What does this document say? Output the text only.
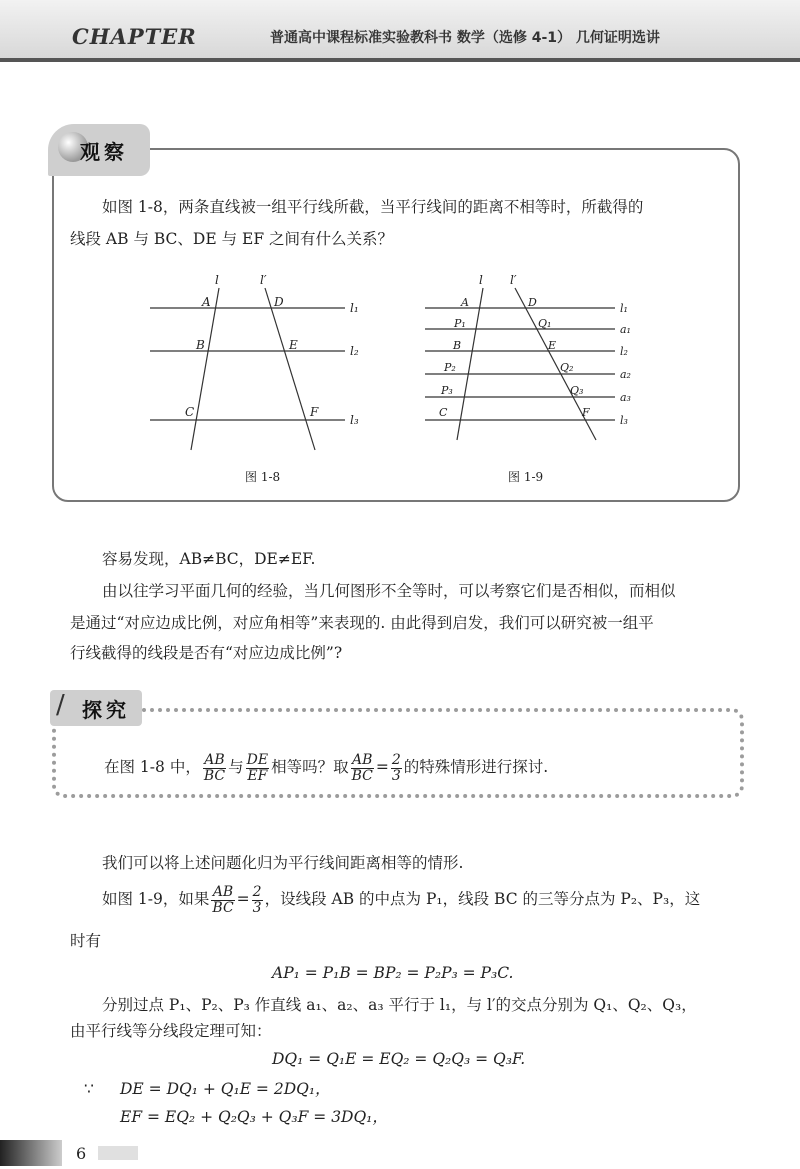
CHAPTER	普通高中课程标准实验教科书 数学（选修 4-1） 几何证明选讲
观察
如图 1-8，两条直线被一组平行线所截，当平行线间的距离不相等时，所截得的
线段 AB 与 BC、DE 与 EF 之间有什么关系？
l	l′
A	D
B	E
C	F
l₁
l₂
l₃
l l′
A
P₁
B
P₂
P₃
C
D
Q₁
E
Q₂
Q₃
F
l₁
a₁
l₂
a₂
a₃
l₃
图 1-8	图 1-9
容易发现，AB≠BC，DE≠EF.
由以往学习平面几何的经验，当几何图形不全等时，可以考察它们是否相似，而相似
是通过“对应边成比例，对应角相等”来表现的. 由此得到启发，我们可以研究被一组平
行线截得的线段是否有“对应边成比例”?
∕ 探究
在图 1-8 中， $\frac{AB}{BC}$ 与 $\frac{DE}{EF}$ 相等吗？取 $\frac{AB}{BC} = \frac{2}{3}$ 的特殊情形进行探讨.
我们可以将上述问题化归为平行线间距离相等的情形.
如图 1-9，如果 $\frac{AB}{BC} = \frac{2}{3}$ ，设线段 AB 的中点为 P₁，线段 BC 的三等分点为 P₂、P₃，这
时有
AP₁ = P₁B = BP₂ = P₂P₃ = P₃C.
分别过点 P₁、P₂、P₃ 作直线 a₁、a₂、a₃ 平行于 l₁，与 l′的交点分别为 Q₁、Q₂、Q₃，
由平行线等分线段定理可知：
DQ₁ = Q₁E = EQ₂ = Q₂Q₃ = Q₃F.
∵ DE = DQ₁ + Q₁E = 2DQ₁，
EF = EQ₂ + Q₂Q₃ + Q₃F = 3DQ₁，
6
